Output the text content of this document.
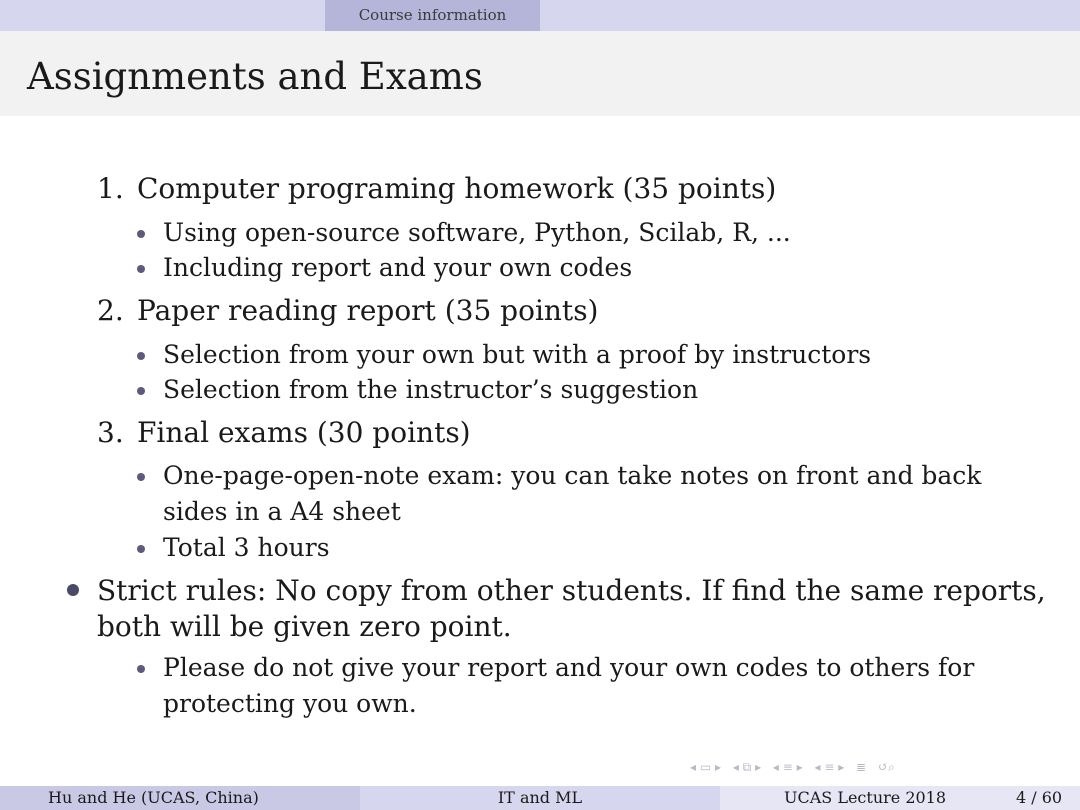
Course information
Assignments and Exams
1. Computer programing homework (35 points)
Using open-source software, Python, Scilab, R, ...
Including report and your own codes
2. Paper reading report (35 points)
Selection from your own but with a proof by instructors
Selection from the instructor’s suggestion
3. Final exams (30 points)
One-page-open-note exam: you can take notes on front and back sides in a A4 sheet
Total 3 hours
Strict rules: No copy from other students. If find the same reports, both will be given zero point.
Please do not give your report and your own codes to others for protecting you own.
◂ ▭ ▸ ◂ ⧉ ▸ ◂ ≡ ▸ ◂ ≡ ▸ ≣ ↺⌕
Hu and He (UCAS, China)	IT and ML	UCAS Lecture 2018	4 / 60
